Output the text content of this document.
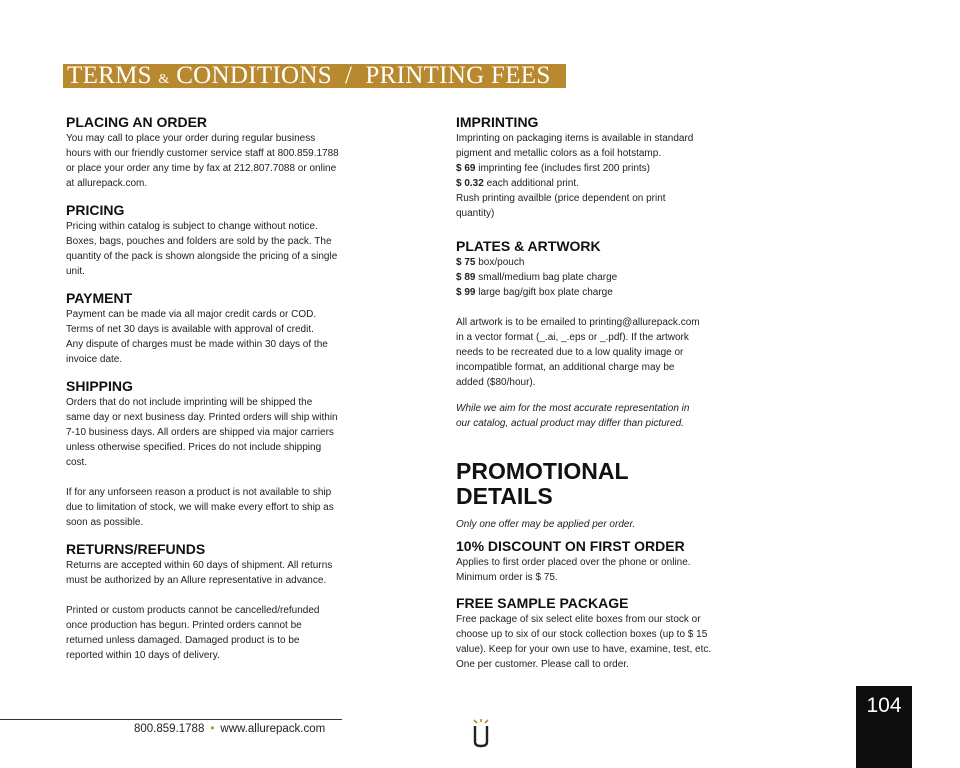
TERMS & CONDITIONS  /  PRINTING FEES
PLACING AN ORDER

You may call to place your order during regular business

hours with our friendly customer service staff at 800.859.1788

or place your order any time by fax at 212.807.7088 or online

at allurepack.com.

PRICING

Pricing within catalog is subject to change without notice.

Boxes, bags, pouches and folders are sold by the pack. The

quantity of the pack is shown alongside the pricing of a single

unit.

PAYMENT

Payment can be made via all major credit cards or COD.

Terms of net 30 days is available with approval of credit.

Any dispute of charges must be made within 30 days of the

invoice date.

SHIPPING

Orders that do not include imprinting will be shipped the

same day or next business day. Printed orders will ship within

7-10 business days. All orders are shipped via major carriers

unless otherwise specified. Prices do not include shipping

cost.

If for any unforseen reason a product is not available to ship

due to limitation of stock, we will make every effort to ship as

soon as possible.

RETURNS/REFUNDS

Returns are accepted within 60 days of shipment. All returns

must be authorized by an Allure representative in advance.

Printed or custom products cannot be cancelled/refunded

once production has begun. Printed orders cannot be

returned unless damaged. Damaged product is to be

reported within 10 days of delivery.

IMPRINTING

Imprinting on packaging items is available in standard

pigment and metallic colors as a foil hotstamp.

$ 69 imprinting fee (includes first 200 prints)

$ 0.32 each additional print.

Rush printing availble (price dependent on print

quantity)

PLATES & ARTWORK

$ 75 box/pouch

$ 89 small/medium bag plate charge

$ 99 large bag/gift box plate charge

All artwork is to be emailed to printing@allurepack.com

in a vector format (_.ai, _.eps or _.pdf). If the artwork

needs to be recreated due to a low quality image or

incompatible format, an additional charge may be

added ($80/hour).

While we aim for the most accurate representation in

our catalog, actual product may differ than pictured.

PROMOTIONAL
DETAILS

Only one offer may be applied per order.

10% DISCOUNT ON FIRST ORDER

Applies to first order placed over the phone or online.

Minimum order is $ 75.

FREE SAMPLE PACKAGE

Free package of six select elite boxes from our stock or

choose up to six of our stock collection boxes (up to $ 15

value). Keep for your own use to have, examine, test, etc.

One per customer. Please call to order.

800.859.1788 • www.allurepack.com
104
